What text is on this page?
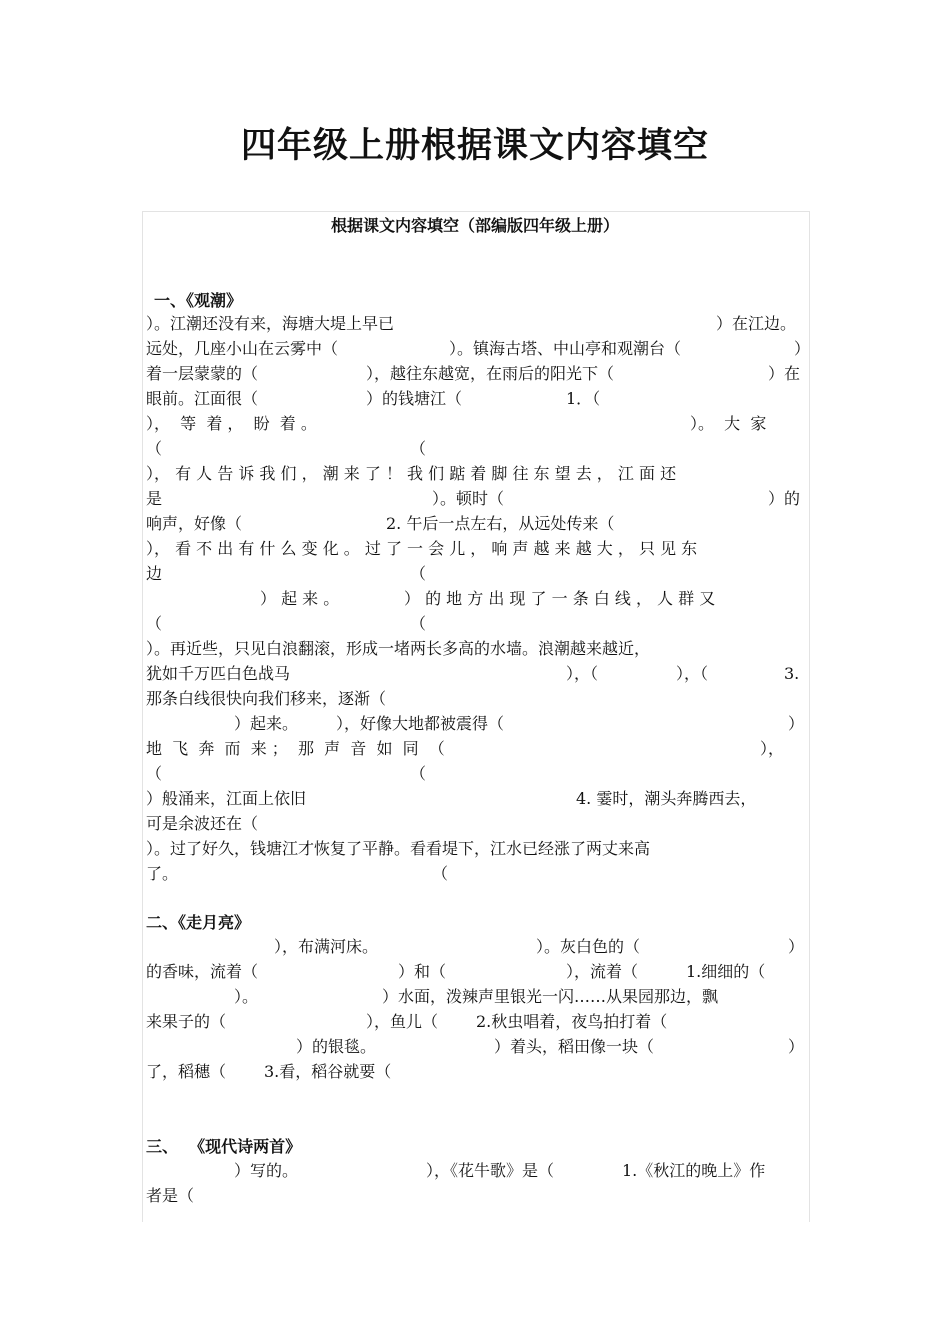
四年级上册根据课文内容填空
根据课文内容填空（部编版四年级上册）
一、《观潮》

）。江潮还没有来，海塘大堤上早已

	）在江边。

远处，几座小山在云雾中（

	）。镇海古塔、中山亭和观潮台（

	）

着一层蒙蒙的（

	），越往东越宽，在雨后的阳光下（

	）在

眼前。江面很（

	）的钱塘江（

	1．（

），  等  着 ，  盼  着 。

	）。  大  家

（

	（

）， 有 人 告 诉 我 们 ， 潮 来 了 ！ 我 们 踮 着 脚 往 东 望 去 ， 江 面 还

是

	）。顿时（

	）的

响声，好像（

	2. 午后一点左右，从远处传来（

）， 看 不 出 有 什 么 变 化 。 过 了 一 会 儿 ， 响 声 越 来 越 大 ， 只 见 东

边

	（

） 起 来 。

	） 的 地 方 出 现 了 一 条 白 线 ， 人 群 又

（

	（

）。再近些，只见白浪翻滚，形成一堵两长多高的水墙。浪潮越来越近，

犹如千万匹白色战马

	），（

	），（

	3.

那条白线很快向我们移来，逐渐（

）起来。

），好像大地都被震得（

	）

地  飞  奔  而  来 ；  那  声  音  如  同  （

	），

（

	（

）般涌来，江面上依旧

	4. 霎时，潮头奔腾西去，

可是余波还在（

）。过了好久，钱塘江才恢复了平静。看看堤下，江水已经涨了两丈来高

了。

	（

二、《走月亮》

），布满河床。

	）。灰白色的（

	）

的香味，流着（

	）和（

	），流着（

	1.细细的（

）。

	）水面，泼辣声里银光一闪……从果园那边，飘

来果子的（

	），鱼儿（

2.秋虫唱着，夜鸟拍打着（

）的银毯。

	）着头，稻田像一块（

	）

了，稻穗（

3.看，稻谷就要（

三、  《现代诗两首》

）写的。

	），《花牛歌》是（

	1.《秋江的晚上》作

者是（
